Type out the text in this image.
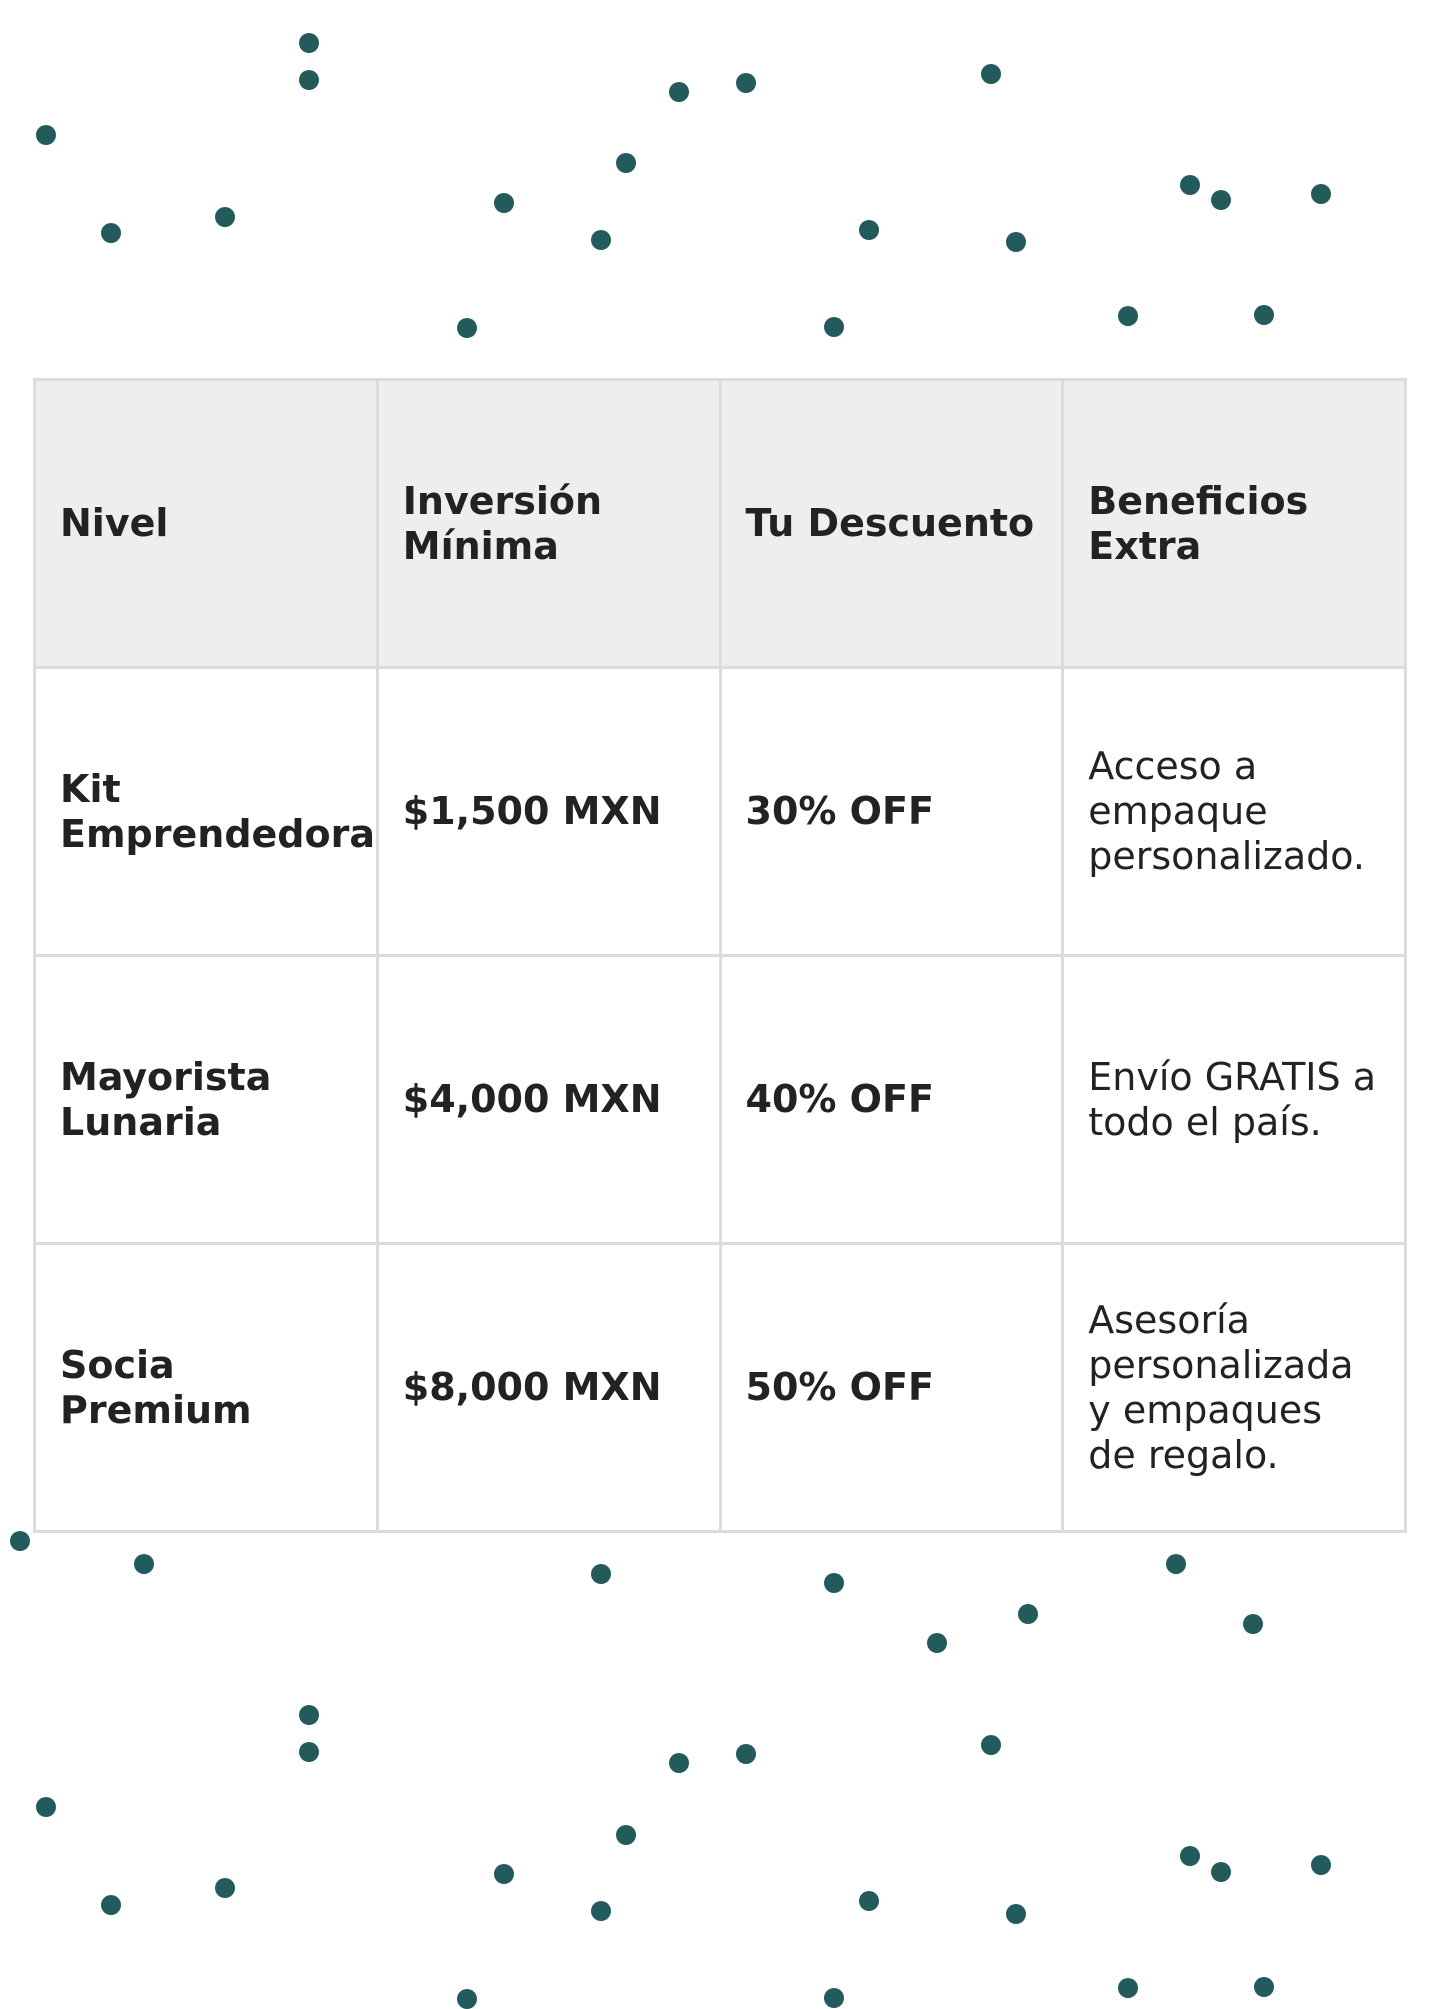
Nivel	Inversión Mínima	Tu Descuento	Beneficios Extra
Kit Emprendedora	$1,500 MXN	30% OFF	Acceso a empaque personalizado.
Mayorista Lunaria	$4,000 MXN	40% OFF	Envío GRATIS a todo el país.
Socia Premium	$8,000 MXN	50% OFF	Asesoría personalizada y empaques de regalo.
